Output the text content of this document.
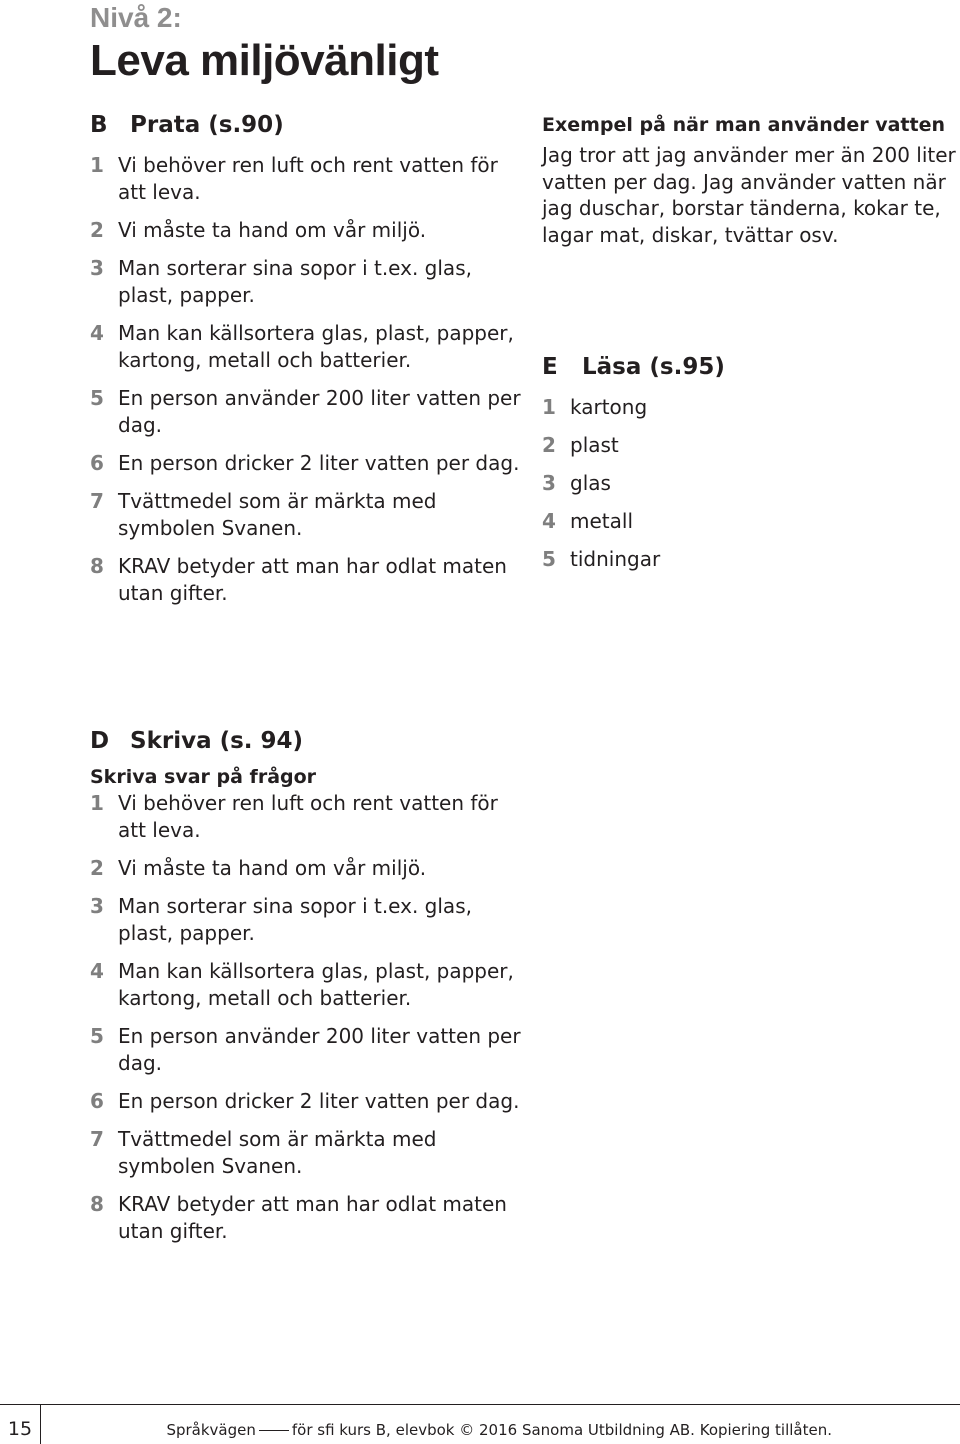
Nivå 2:
Leva miljövänligt
B Prata (s.90)
1 Vi behöver ren luft och rent vatten för att leva.
2 Vi måste ta hand om vår miljö.
3 Man sorterar sina sopor i t.ex. glas, plast, papper.
4 Man kan källsortera glas, plast, papper, kartong, metall och batterier.
5 En person använder 200 liter vatten per dag.
6 En person dricker 2 liter vatten per dag.
7 Tvättmedel som är märkta med symbolen Svanen.
8 KRAV betyder att man har odlat maten utan gifter.
Exempel på när man använder vatten
Jag tror att jag använder mer än 200 liter vatten per dag. Jag använder vatten när jag duschar, borstar tänderna, kokar te, lagar mat, diskar, tvättar osv.
E Läsa (s.95)
1 kartong
2 plast
3 glas
4 metall
5 tidningar
D Skriva (s. 94)
Skriva svar på frågor
1 Vi behöver ren luft och rent vatten för att leva.
2 Vi måste ta hand om vår miljö.
3 Man sorterar sina sopor i t.ex. glas, plast, papper.
4 Man kan källsortera glas, plast, papper, kartong, metall och batterier.
5 En person använder 200 liter vatten per dag.
6 En person dricker 2 liter vatten per dag.
7 Tvättmedel som är märkta med symbolen Svanen.
8 KRAV betyder att man har odlat maten utan gifter.
15	Språkvägen för sfi kurs B, elevbok © 2016 Sanoma Utbildning AB. Kopiering tillåten.
